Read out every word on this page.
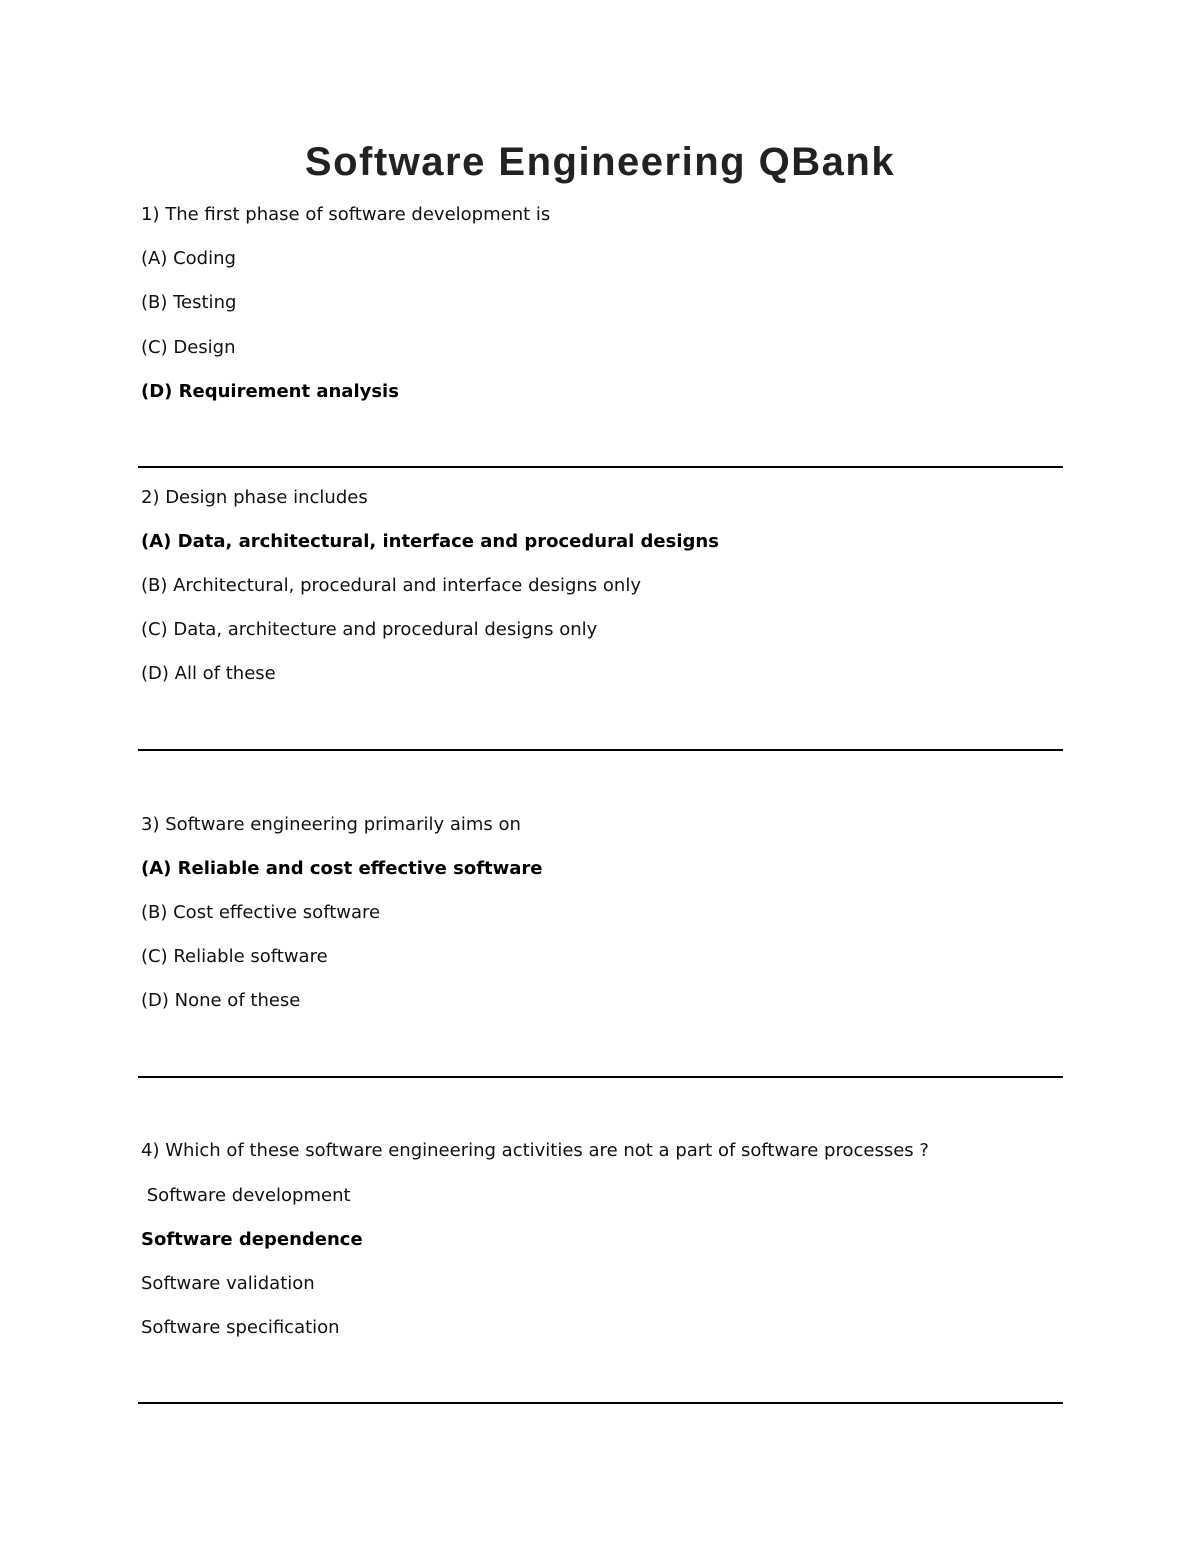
Software Engineering QBank
1) The first phase of software development is
(A) Coding
(B) Testing
(C) Design
(D) Requirement analysis
2) Design phase includes
(A) Data, architectural, interface and procedural designs
(B) Architectural, procedural and interface designs only
(C) Data, architecture and procedural designs only
(D) All of these
3) Software engineering primarily aims on
(A) Reliable and cost effective software
(B) Cost effective software
(C) Reliable software
(D) None of these
4) Which of these software engineering activities are not a part of software processes ?
Software development
Software dependence
Software validation
Software specification
